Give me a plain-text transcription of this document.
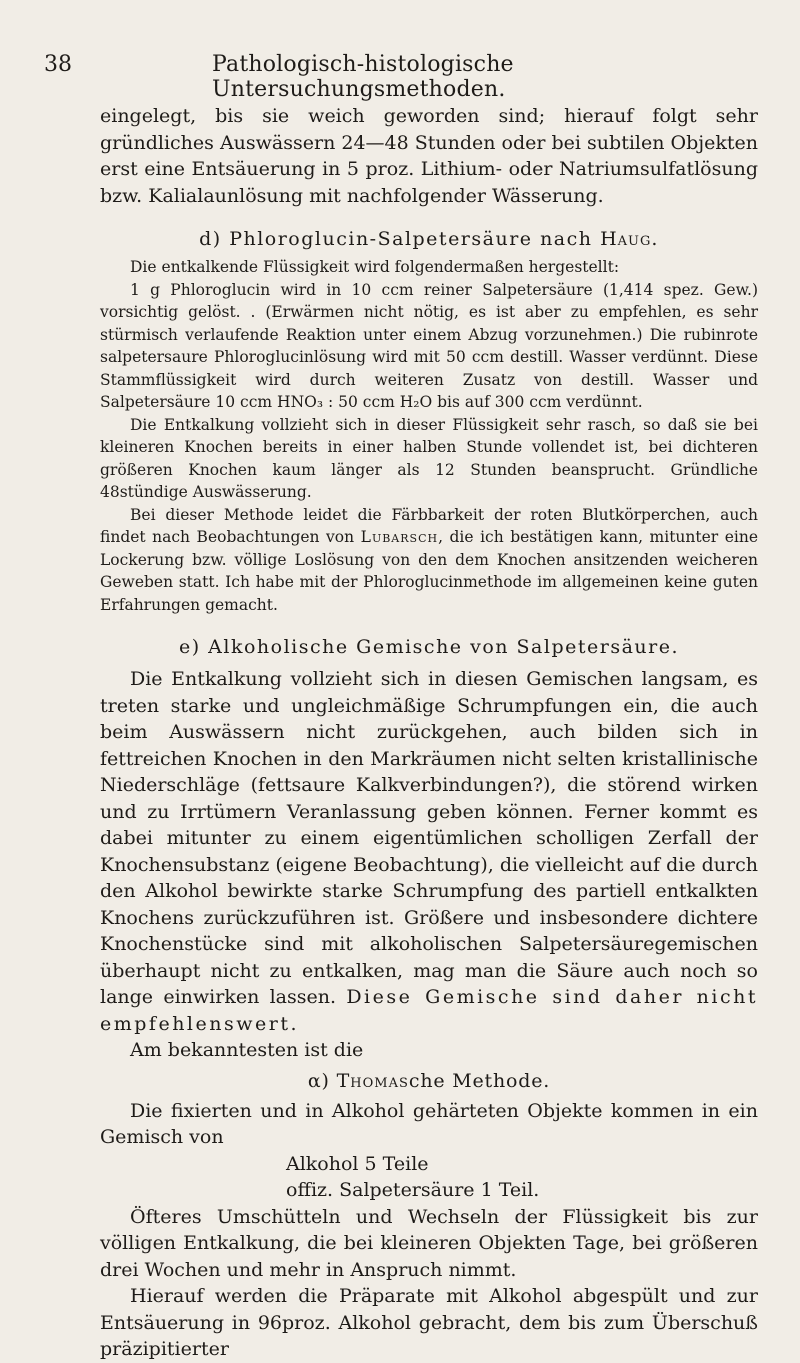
38	Pathologisch-histologische Untersuchungsmethoden.

eingelegt, bis sie weich geworden sind; hierauf folgt sehr gründliches Auswässern 24—48 Stunden oder bei subtilen Objekten erst eine Entsäuerung in 5 proz. Lithium- oder Natriumsulfatlösung bzw. Kalialaunlösung mit nachfolgender Wässerung.

d) Phloroglucin-Salpetersäure nach Haug.

Die entkalkende Flüssigkeit wird folgendermaßen hergestellt:

1 g Phloroglucin wird in 10 ccm reiner Salpetersäure (1,414 spez. Gew.) vorsichtig gelöst. . (Erwärmen nicht nötig, es ist aber zu empfehlen, es sehr stürmisch verlaufende Reaktion unter einem Abzug vorzunehmen.) Die rubinrote salpetersaure Phloroglucinlösung wird mit 50 ccm destill. Wasser verdünnt. Diese Stammflüssigkeit wird durch weiteren Zusatz von destill. Wasser und Salpetersäure 10 ccm HNO₃ : 50 ccm H₂O bis auf 300 ccm verdünnt.

Die Entkalkung vollzieht sich in dieser Flüssigkeit sehr rasch, so daß sie bei kleineren Knochen bereits in einer halben Stunde vollendet ist, bei dichteren größeren Knochen kaum länger als 12 Stunden beansprucht. Gründliche 48stündige Auswässerung.

Bei dieser Methode leidet die Färbbarkeit der roten Blutkörperchen, auch findet nach Beobachtungen von Lubarsch, die ich bestätigen kann, mitunter eine Lockerung bzw. völlige Loslösung von den dem Knochen ansitzenden weicheren Geweben statt. Ich habe mit der Phloroglucinmethode im allgemeinen keine guten Erfahrungen gemacht.

e) Alkoholische Gemische von Salpetersäure.

Die Entkalkung vollzieht sich in diesen Gemischen langsam, es treten starke und ungleichmäßige Schrumpfungen ein, die auch beim Auswässern nicht zurückgehen, auch bilden sich in fettreichen Knochen in den Markräumen nicht selten kristallinische Niederschläge (fettsaure Kalkverbindungen?), die störend wirken und zu Irrtümern Veranlassung geben können. Ferner kommt es dabei mitunter zu einem eigentümlichen scholligen Zerfall der Knochensubstanz (eigene Beobachtung), die vielleicht auf die durch den Alkohol bewirkte starke Schrumpfung des partiell entkalkten Knochens zurückzuführen ist. Größere und insbesondere dichtere Knochenstücke sind mit alkoholischen Salpetersäuregemischen überhaupt nicht zu entkalken, mag man die Säure auch noch so lange einwirken lassen. Diese Gemische sind daher nicht empfehlenswert.

Am bekanntesten ist die

α) Thomasche Methode.

Die fixierten und in Alkohol gehärteten Objekte kommen in ein Gemisch von

Alkohol 5 Teile
offiz. Salpetersäure 1 Teil.

Öfteres Umschütteln und Wechseln der Flüssigkeit bis zur völligen Entkalkung, die bei kleineren Objekten Tage, bei größeren drei Wochen und mehr in Anspruch nimmt.

Hierauf werden die Präparate mit Alkohol abgespült und zur Entsäuerung in 96proz. Alkohol gebracht, dem bis zum Überschuß präzipitierter
